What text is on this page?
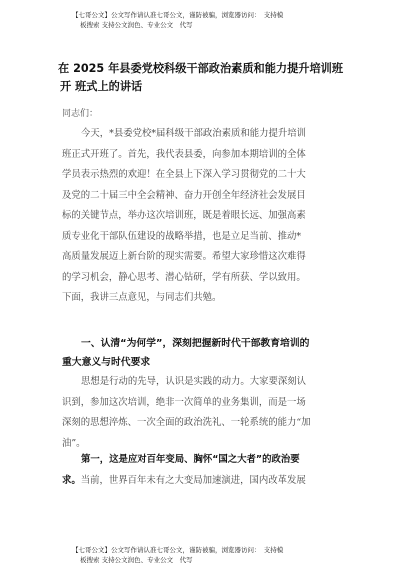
【七哥公文】公文写作请认准七哥公文，谨防被骗，浏览器访问：　支持模
板搜索 支持公文润色、专业公文　代写
在 2025 年县委党校科级干部政治素质和能力提升培训班
开 班式上的讲话
同志们：
今天，*县委党校*届科级干部政治素质和能力提升培训
班正式开班了。首先，我代表县委，向参加本期培训的全体
学员表示热烈的欢迎！在全县上下深入学习贯彻党的二十大
及党的二十届三中全会精神、奋力开创全年经济社会发展目
标的关键节点，举办这次培训班，既是着眼长远、加强高素
质专业化干部队伍建设的战略举措，也是立足当前、推动*
高质量发展迈上新台阶的现实需要。希望大家珍惜这次难得
的学习机会，静心思考、潜心钻研，学有所获、学以致用。
下面，我讲三点意见，与同志们共勉。
一、认清“为何学”，深刻把握新时代干部教育培训的
重大意义与时代要求
思想是行动的先导，认识是实践的动力。大家要深刻认
识到，参加这次培训，绝非一次简单的业务集训，而是一场
深刻的思想淬炼、一次全面的政治洗礼、一轮系统的能力“加
油”。
第一，这是应对百年变局、胸怀“国之大者”的政治要
求。当前，世界百年未有之大变局加速演进，国内改革发展
【七哥公文】公文写作请认准七哥公文，谨防被骗，浏览器访问：　支持模
板搜索 支持公文润色、专业公文　代写
